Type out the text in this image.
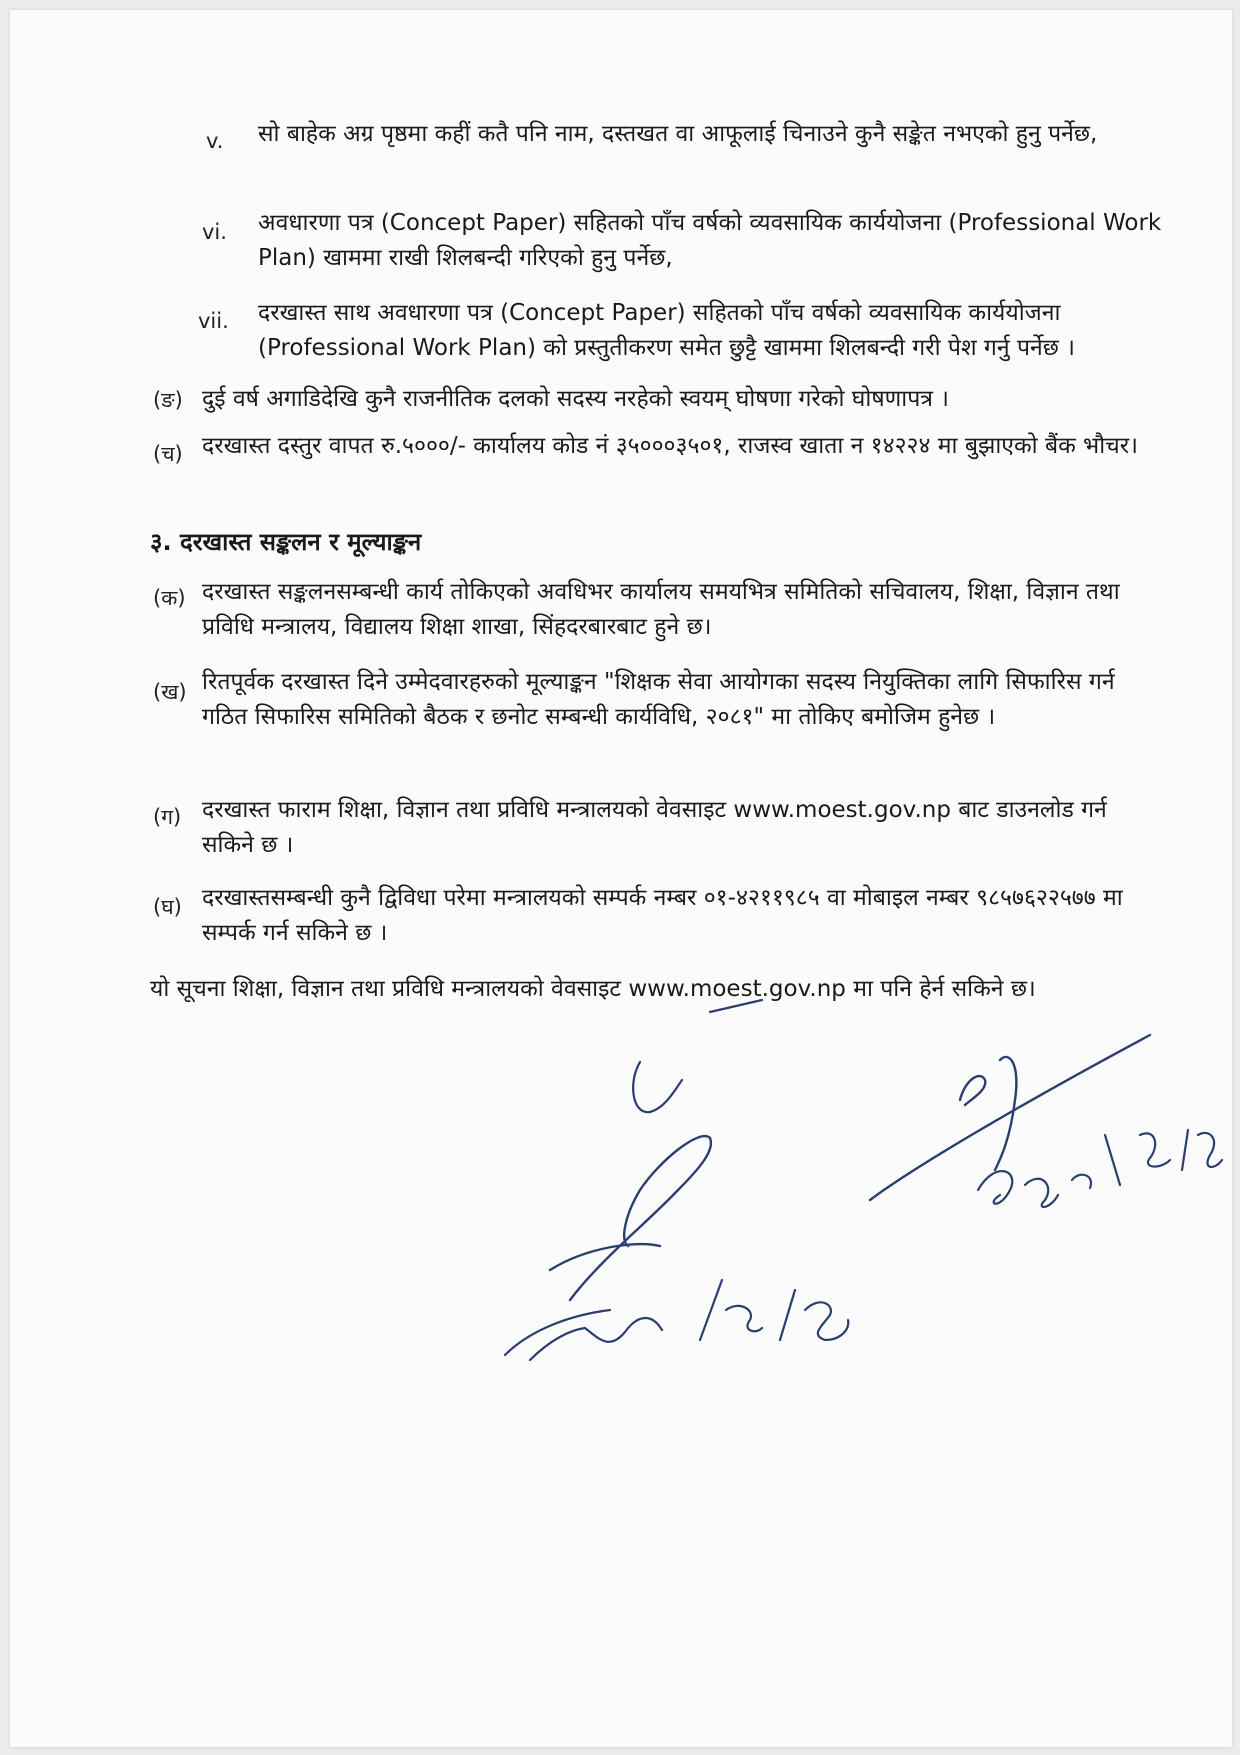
v. सो बाहेक अग्र पृष्ठमा कहीं कतै पनि नाम, दस्तखत वा आफूलाई चिनाउने कुनै सङ्केत नभएको हुनु पर्नेछ,
vi. अवधारणा पत्र (Concept Paper) सहितको पाँच वर्षको व्यवसायिक कार्ययोजना (Professional Work Plan) खाममा राखी शिलबन्दी गरिएको हुनु पर्नेछ,
vii. दरखास्त साथ अवधारणा पत्र (Concept Paper) सहितको पाँच वर्षको व्यवसायिक कार्ययोजना (Professional Work Plan) को प्रस्तुतीकरण समेत छुट्टै खाममा शिलबन्दी गरी पेश गर्नु पर्नेछ ।
(ङ) दुई वर्ष अगाडिदेखि कुनै राजनीतिक दलको सदस्य नरहेको स्वयम् घोषणा गरेको घोषणापत्र ।
(च) दरखास्त दस्तुर वापत रु.५०००/- कार्यालय कोड नं ३५०००३५०१, राजस्व खाता न १४२२४ मा बुझाएको बैंक भौचर।
३. दरखास्त सङ्कलन र मूल्याङ्कन
(क) दरखास्त सङ्कलनसम्बन्धी कार्य तोकिएको अवधिभर कार्यालय समयभित्र समितिको सचिवालय, शिक्षा, विज्ञान तथा प्रविधि मन्त्रालय, विद्यालय शिक्षा शाखा, सिंहदरबारबाट हुने छ।
(ख) रितपूर्वक दरखास्त दिने उम्मेदवारहरुको मूल्याङ्कन "शिक्षक सेवा आयोगका सदस्य नियुक्तिका लागि सिफारिस गर्न गठित सिफारिस समितिको बैठक र छनोट सम्बन्धी कार्यविधि, २०८१" मा तोकिए बमोजिम हुनेछ ।
(ग) दरखास्त फाराम शिक्षा, विज्ञान तथा प्रविधि मन्त्रालयको वेवसाइट www.moest.gov.np बाट डाउनलोड गर्न सकिने छ ।
(घ) दरखास्तसम्बन्धी कुनै द्विविधा परेमा मन्त्रालयको सम्पर्क नम्बर ०१-४२११९८५ वा मोबाइल नम्बर ९८५७६२२५७७ मा सम्पर्क गर्न सकिने छ ।
यो सूचना शिक्षा, विज्ञान तथा प्रविधि मन्त्रालयको वेवसाइट www.moest.gov.np मा पनि हेर्न सकिने छ।
